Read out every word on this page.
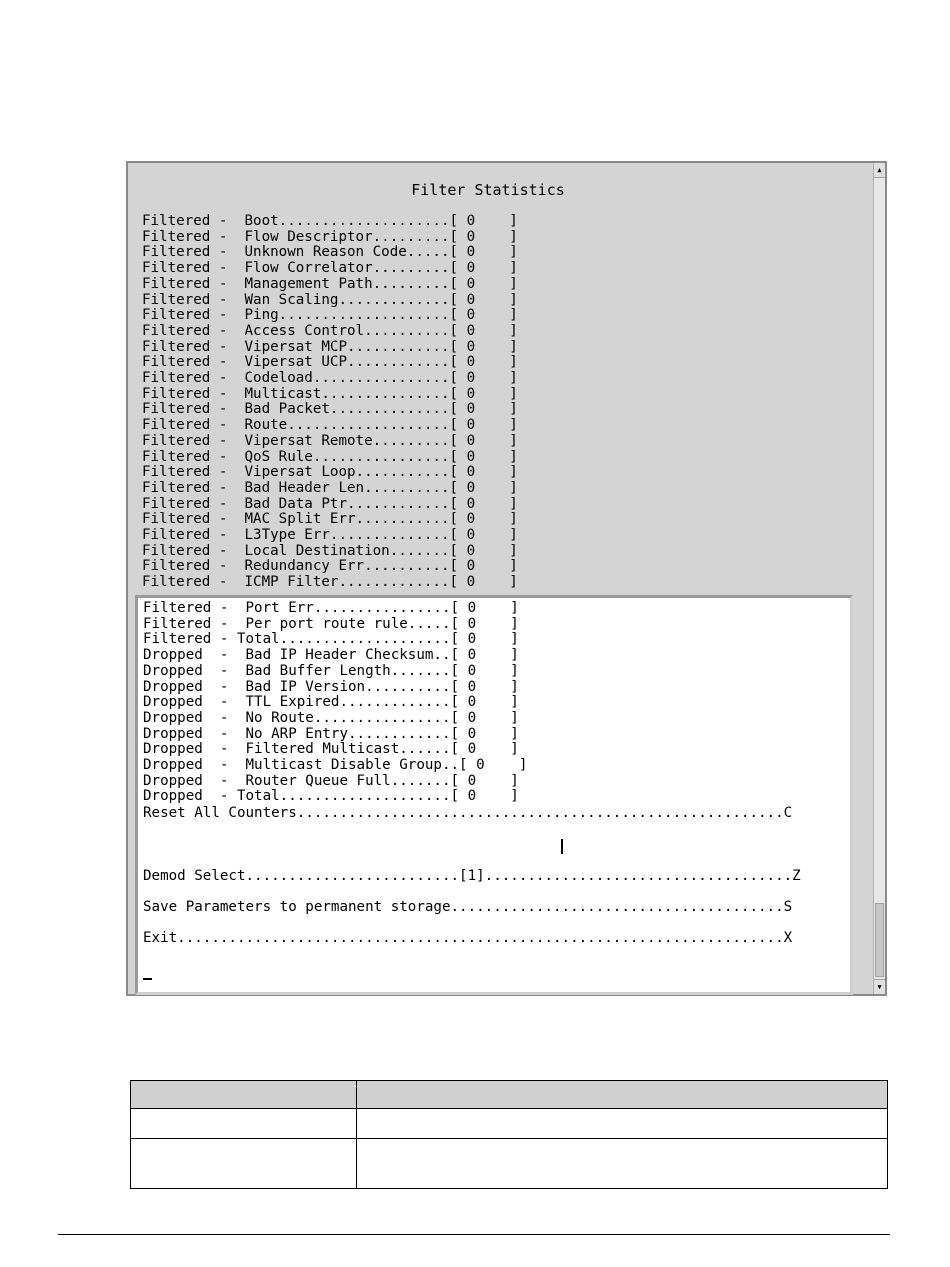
Filter Statistics
Filtered -  Boot....................[ 0    ]
Filtered -  Flow Descriptor.........[ 0    ]
Filtered -  Unknown Reason Code.....[ 0    ]
Filtered -  Flow Correlator.........[ 0    ]
Filtered -  Management Path.........[ 0    ]
Filtered -  Wan Scaling.............[ 0    ]
Filtered -  Ping....................[ 0    ]
Filtered -  Access Control..........[ 0    ]
Filtered -  Vipersat MCP............[ 0    ]
Filtered -  Vipersat UCP............[ 0    ]
Filtered -  Codeload................[ 0    ]
Filtered -  Multicast...............[ 0    ]
Filtered -  Bad Packet..............[ 0    ]
Filtered -  Route...................[ 0    ]
Filtered -  Vipersat Remote.........[ 0    ]
Filtered -  QoS Rule................[ 0    ]
Filtered -  Vipersat Loop...........[ 0    ]
Filtered -  Bad Header Len..........[ 0    ]
Filtered -  Bad Data Ptr............[ 0    ]
Filtered -  MAC Split Err...........[ 0    ]
Filtered -  L3Type Err..............[ 0    ]
Filtered -  Local Destination.......[ 0    ]
Filtered -  Redundancy Err..........[ 0    ]
Filtered -  ICMP Filter.............[ 0    ]
Filtered -  Port Err................[ 0    ]
Filtered -  Per port route rule.....[ 0    ]
Filtered - Total....................[ 0    ]
Dropped  -  Bad IP Header Checksum..[ 0    ]
Dropped  -  Bad Buffer Length.......[ 0    ]
Dropped  -  Bad IP Version..........[ 0    ]
Dropped  -  TTL Expired.............[ 0    ]
Dropped  -  No Route................[ 0    ]
Dropped  -  No ARP Entry............[ 0    ]
Dropped  -  Filtered Multicast......[ 0    ]
Dropped  -  Multicast Disable Group..[ 0    ]
Dropped  -  Router Queue Full.......[ 0    ]
Dropped  - Total....................[ 0    ]
Reset All Counters.........................................................C
Demod Select.........................[1]....................................Z
Save Parameters to permanent storage.......................................S
Exit.......................................................................X
▲
▼
